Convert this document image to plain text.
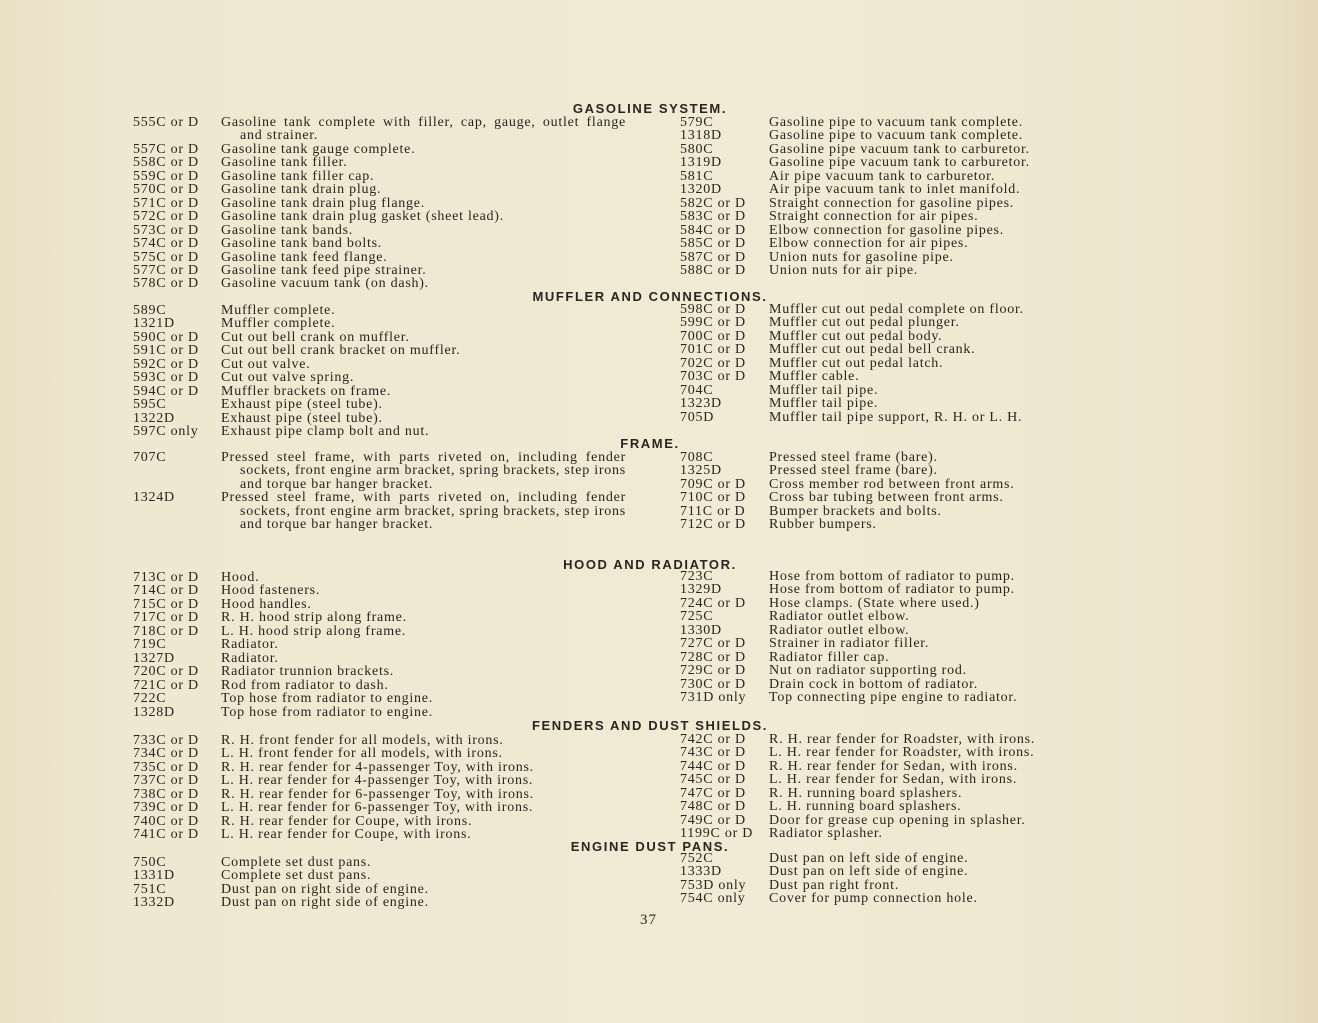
GASOLINE SYSTEM.
555C or D Gasoline tank complete with filler, cap, gauge, outlet flange and strainer.
557C or D Gasoline tank gauge complete.
558C or D Gasoline tank filler.
559C or D Gasoline tank filler cap.
570C or D Gasoline tank drain plug.
571C or D Gasoline tank drain plug flange.
572C or D Gasoline tank drain plug gasket (sheet lead).
573C or D Gasoline tank bands.
574C or D Gasoline tank band bolts.
575C or D Gasoline tank feed flange.
577C or D Gasoline tank feed pipe strainer.
578C or D Gasoline vacuum tank (on dash).
579C	Gasoline pipe to vacuum tank complete.
1318D	Gasoline pipe to vacuum tank complete.
580C	Gasoline pipe vacuum tank to carburetor.
1319D	Gasoline pipe vacuum tank to carburetor.
581C	Air pipe vacuum tank to carburetor.
1320D	Air pipe vacuum tank to inlet manifold.
582C or D Straight connection for gasoline pipes.
583C or D Straight connection for air pipes.
584C or D Elbow connection for gasoline pipes.
585C or D Elbow connection for air pipes.
587C or D Union nuts for gasoline pipe.
588C or D Union nuts for air pipe.
MUFFLER AND CONNECTIONS.
589C	Muffler complete.
1321D	Muffler complete.
590C or D Cut out bell crank on muffler.
591C or D Cut out bell crank bracket on muffler.
592C or D Cut out valve.
593C or D Cut out valve spring.
594C or D Muffler brackets on frame.
595C	Exhaust pipe (steel tube).
1322D	Exhaust pipe (steel tube).
597C only Exhaust pipe clamp bolt and nut.
598C or D Muffler cut out pedal complete on floor.
599C or D Muffler cut out pedal plunger.
700C or D Muffler cut out pedal body.
701C or D Muffler cut out pedal bell crank.
702C or D Muffler cut out pedal latch.
703C or D Muffler cable.
704C	Muffler tail pipe.
1323D	Muffler tail pipe.
705D	Muffler tail pipe support, R. H. or L. H.
FRAME.
707C	Pressed steel frame, with parts riveted on, including fender sockets, front engine arm bracket, spring brackets, step irons and torque bar hanger bracket.
1324D	Pressed steel frame, with parts riveted on, including fender sockets, front engine arm bracket, spring brackets, step irons and torque bar hanger bracket.
708C	Pressed steel frame (bare).
1325D	Pressed steel frame (bare).
709C or D Cross member rod between front arms.
710C or D Cross bar tubing between front arms.
711C or D Bumper brackets and bolts.
712C or D Rubber bumpers.
HOOD AND RADIATOR.
713C or D Hood.
714C or D Hood fasteners.
715C or D Hood handles.
717C or D R. H. hood strip along frame.
718C or D L. H. hood strip along frame.
719C	Radiator.
1327D	Radiator.
720C or D Radiator trunnion brackets.
721C or D Rod from radiator to dash.
722C	Top hose from radiator to engine.
1328D	Top hose from radiator to engine.
723C	Hose from bottom of radiator to pump.
1329D	Hose from bottom of radiator to pump.
724C or D Hose clamps. (State where used.)
725C	Radiator outlet elbow.
1330D	Radiator outlet elbow.
727C or D Strainer in radiator filler.
728C or D Radiator filler cap.
729C or D Nut on radiator supporting rod.
730C or D Drain cock in bottom of radiator.
731D only Top connecting pipe engine to radiator.
FENDERS AND DUST SHIELDS.
733C or D R. H. front fender for all models, with irons.
734C or D L. H. front fender for all models, with irons.
735C or D R. H. rear fender for 4-passenger Toy, with irons.
737C or D L. H. rear fender for 4-passenger Toy, with irons.
738C or D R. H. rear fender for 6-passenger Toy, with irons.
739C or D L. H. rear fender for 6-passenger Toy, with irons.
740C or D R. H. rear fender for Coupe, with irons.
741C or D L. H. rear fender for Coupe, with irons.
742C or D R. H. rear fender for Roadster, with irons.
743C or D L. H. rear fender for Roadster, with irons.
744C or D R. H. rear fender for Sedan, with irons.
745C or D L. H. rear fender for Sedan, with irons.
747C or D R. H. running board splashers.
748C or D L. H. running board splashers.
749C or D Door for grease cup opening in splasher.
1199C or D Radiator splasher.
ENGINE DUST PANS.
750C	Complete set dust pans.
1331D	Complete set dust pans.
751C	Dust pan on right side of engine.
1332D	Dust pan on right side of engine.
752C	Dust pan on left side of engine.
1333D	Dust pan on left side of engine.
753D only Dust pan right front.
754C only Cover for pump connection hole.
37
